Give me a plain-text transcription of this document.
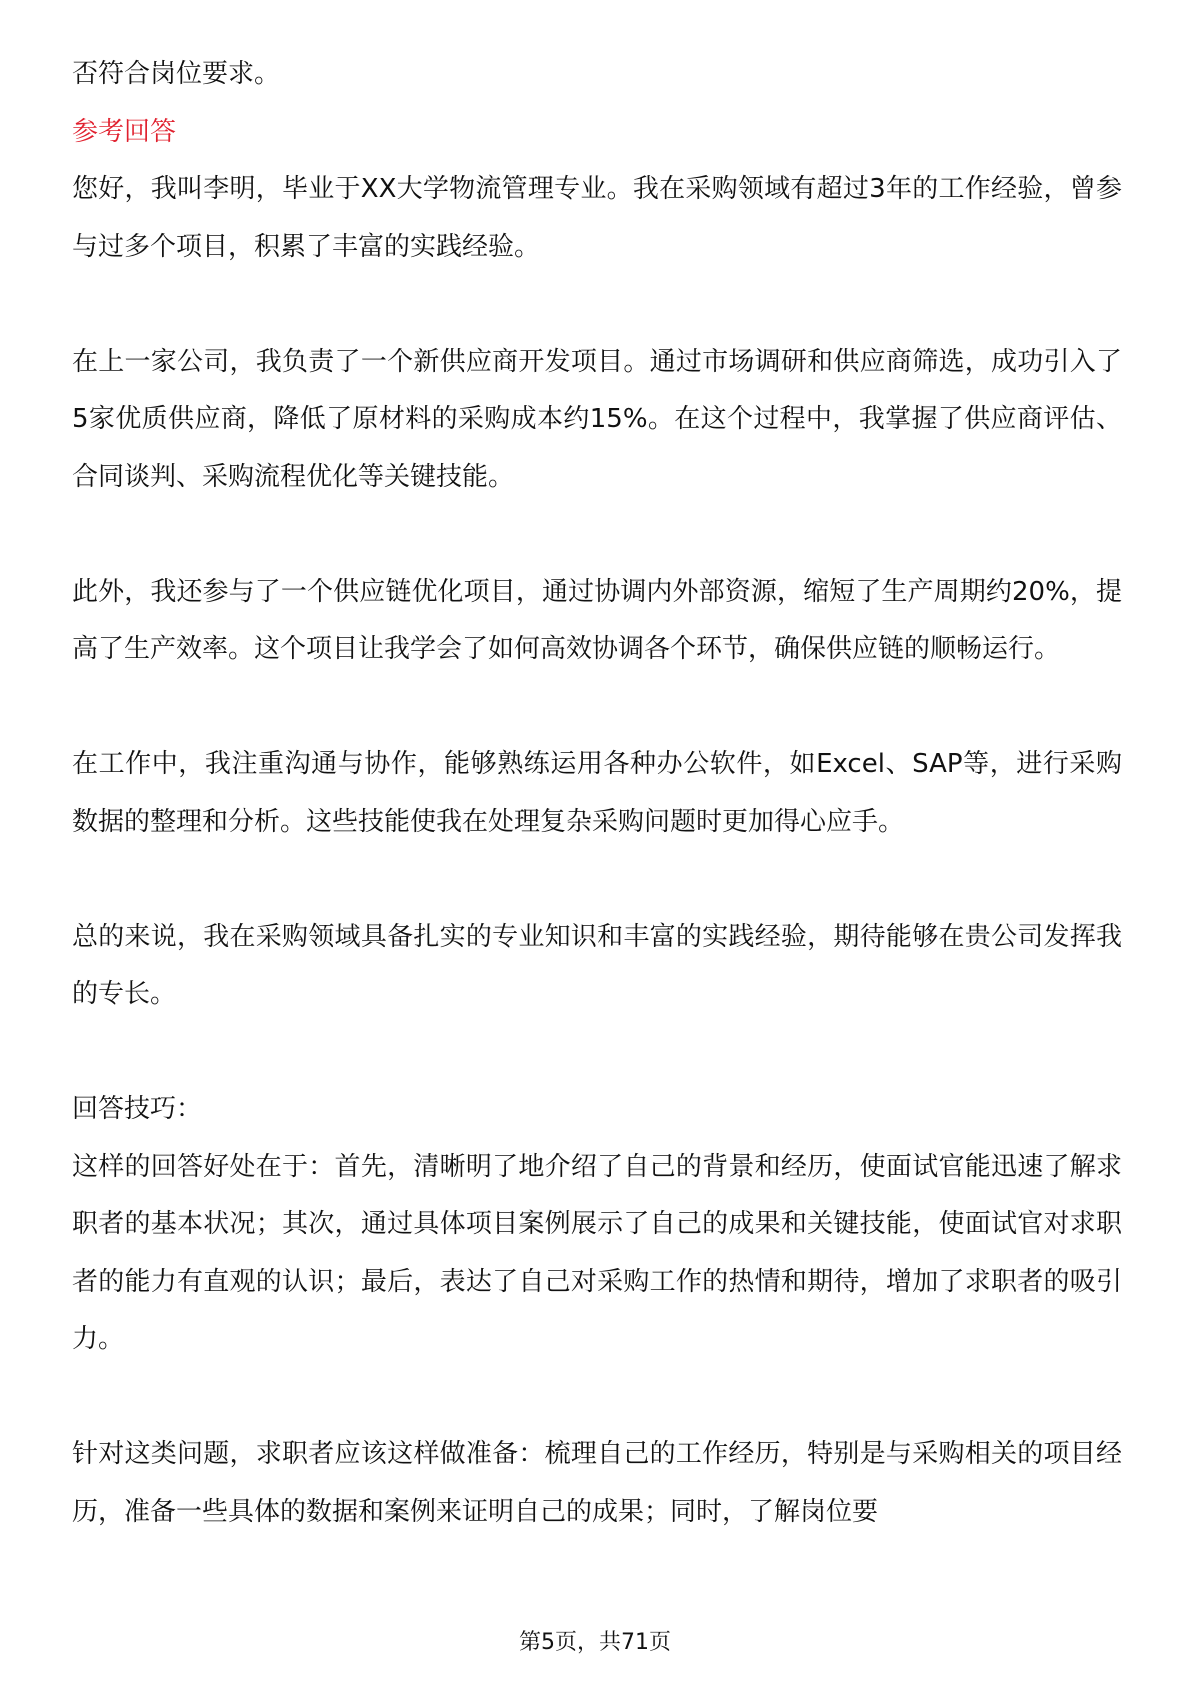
否符合岗位要求。

参考回答

您好，我叫李明，毕业于XX大学物流管理专业。我在采购领域有超过3年的工作经验，曾参与过多个项目，积累了丰富的实践经验。

在上一家公司，我负责了一个新供应商开发项目。通过市场调研和供应商筛选，成功引入了5家优质供应商，降低了原材料的采购成本约15%。在这个过程中，我掌握了供应商评估、合同谈判、采购流程优化等关键技能。

此外，我还参与了一个供应链优化项目，通过协调内外部资源，缩短了生产周期约20%，提高了生产效率。这个项目让我学会了如何高效协调各个环节，确保供应链的顺畅运行。

在工作中，我注重沟通与协作，能够熟练运用各种办公软件，如Excel、SAP等，进行采购数据的整理和分析。这些技能使我在处理复杂采购问题时更加得心应手。

总的来说，我在采购领域具备扎实的专业知识和丰富的实践经验，期待能够在贵公司发挥我的专长。

回答技巧：

这样的回答好处在于：首先，清晰明了地介绍了自己的背景和经历，使面试官能迅速了解求职者的基本状况；其次，通过具体项目案例展示了自己的成果和关键技能，使面试官对求职者的能力有直观的认识；最后，表达了自己对采购工作的热情和期待，增加了求职者的吸引力。

针对这类问题，求职者应该这样做准备：梳理自己的工作经历，特别是与采购相关的项目经历，准备一些具体的数据和案例来证明自己的成果；同时，了解岗位要

第5页，共71页
